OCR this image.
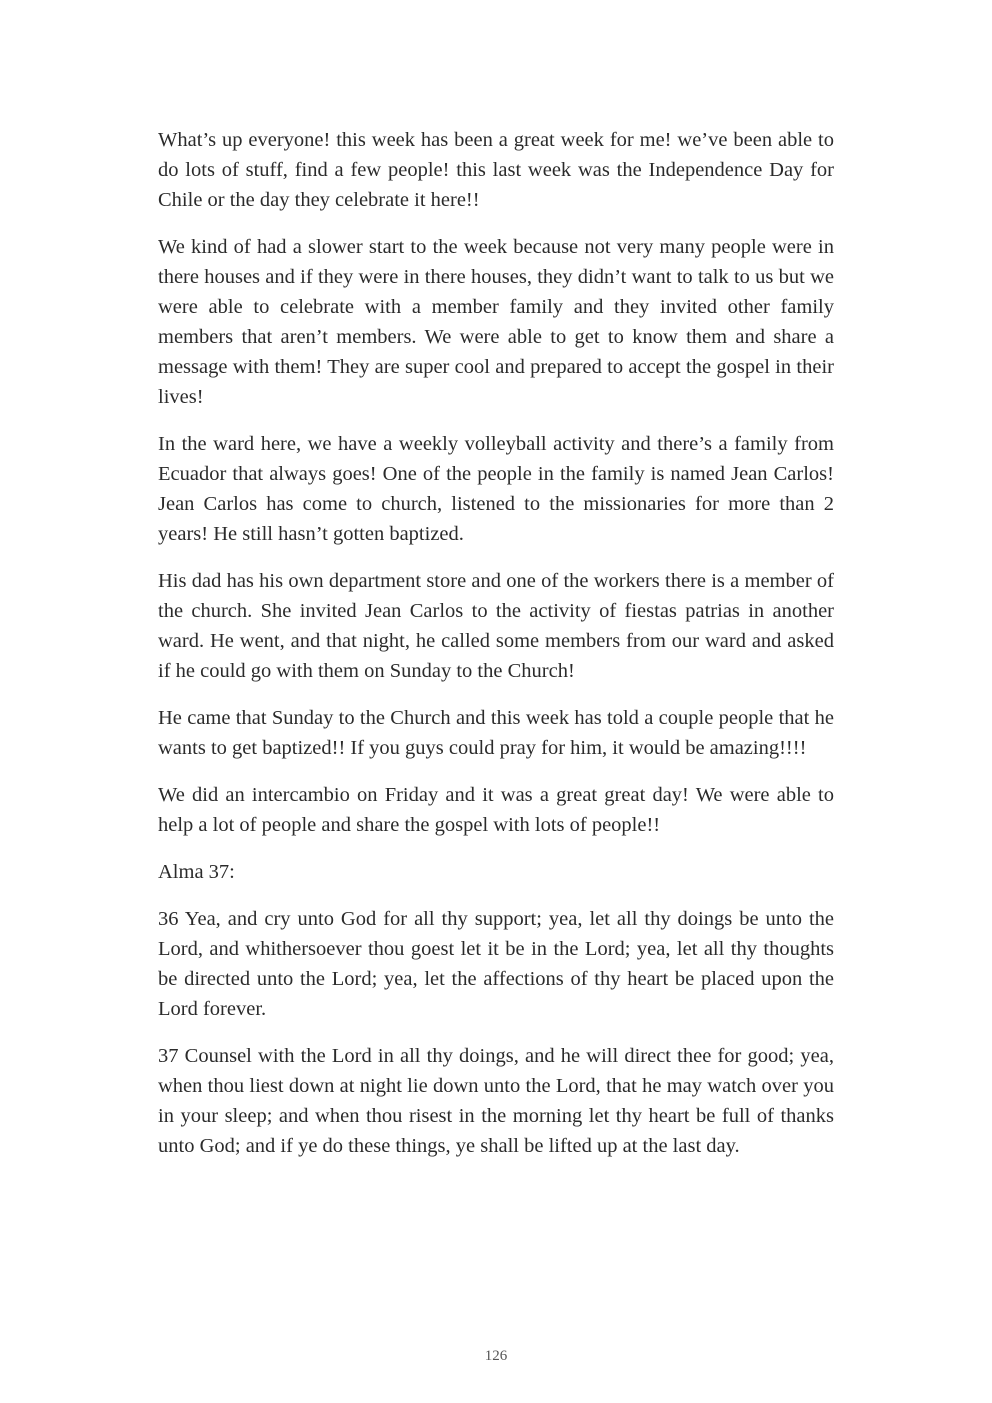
What’s up everyone! this week has been a great week for me! we’ve been able to do lots of stuff, find a few people! this last week was the Independence Day for Chile or the day they celebrate it here!!

We kind of had a slower start to the week because not very many people were in there houses and if they were in there houses, they didn’t want to talk to us but we were able to celebrate with a member family and they invited other family members that aren’t members. We were able to get to know them and share a message with them! They are super cool and prepared to accept the gospel in their lives!

In the ward here, we have a weekly volleyball activity and there’s a family from Ecuador that always goes! One of the people in the family is named Jean Carlos! Jean Carlos has come to church, listened to the missionaries for more than 2 years! He still hasn’t gotten baptized.

His dad has his own department store and one of the workers there is a member of the church. She invited Jean Carlos to the activity of fiestas patrias in another ward. He went, and that night, he called some members from our ward and asked if he could go with them on Sunday to the Church!

He came that Sunday to the Church and this week has told a couple people that he wants to get baptized!! If you guys could pray for him, it would be amazing!!!!

We did an intercambio on Friday and it was a great great day! We were able to help a lot of people and share the gospel with lots of people!!

Alma 37:

36 Yea, and cry unto God for all thy support; yea, let all thy doings be unto the Lord, and whithersoever thou goest let it be in the Lord; yea, let all thy thoughts be directed unto the Lord; yea, let the affections of thy heart be placed upon the Lord forever.

37 Counsel with the Lord in all thy doings, and he will direct thee for good; yea, when thou liest down at night lie down unto the Lord, that he may watch over you in your sleep; and when thou risest in the morning let thy heart be full of thanks unto God; and if ye do these things, ye shall be lifted up at the last day.

126
